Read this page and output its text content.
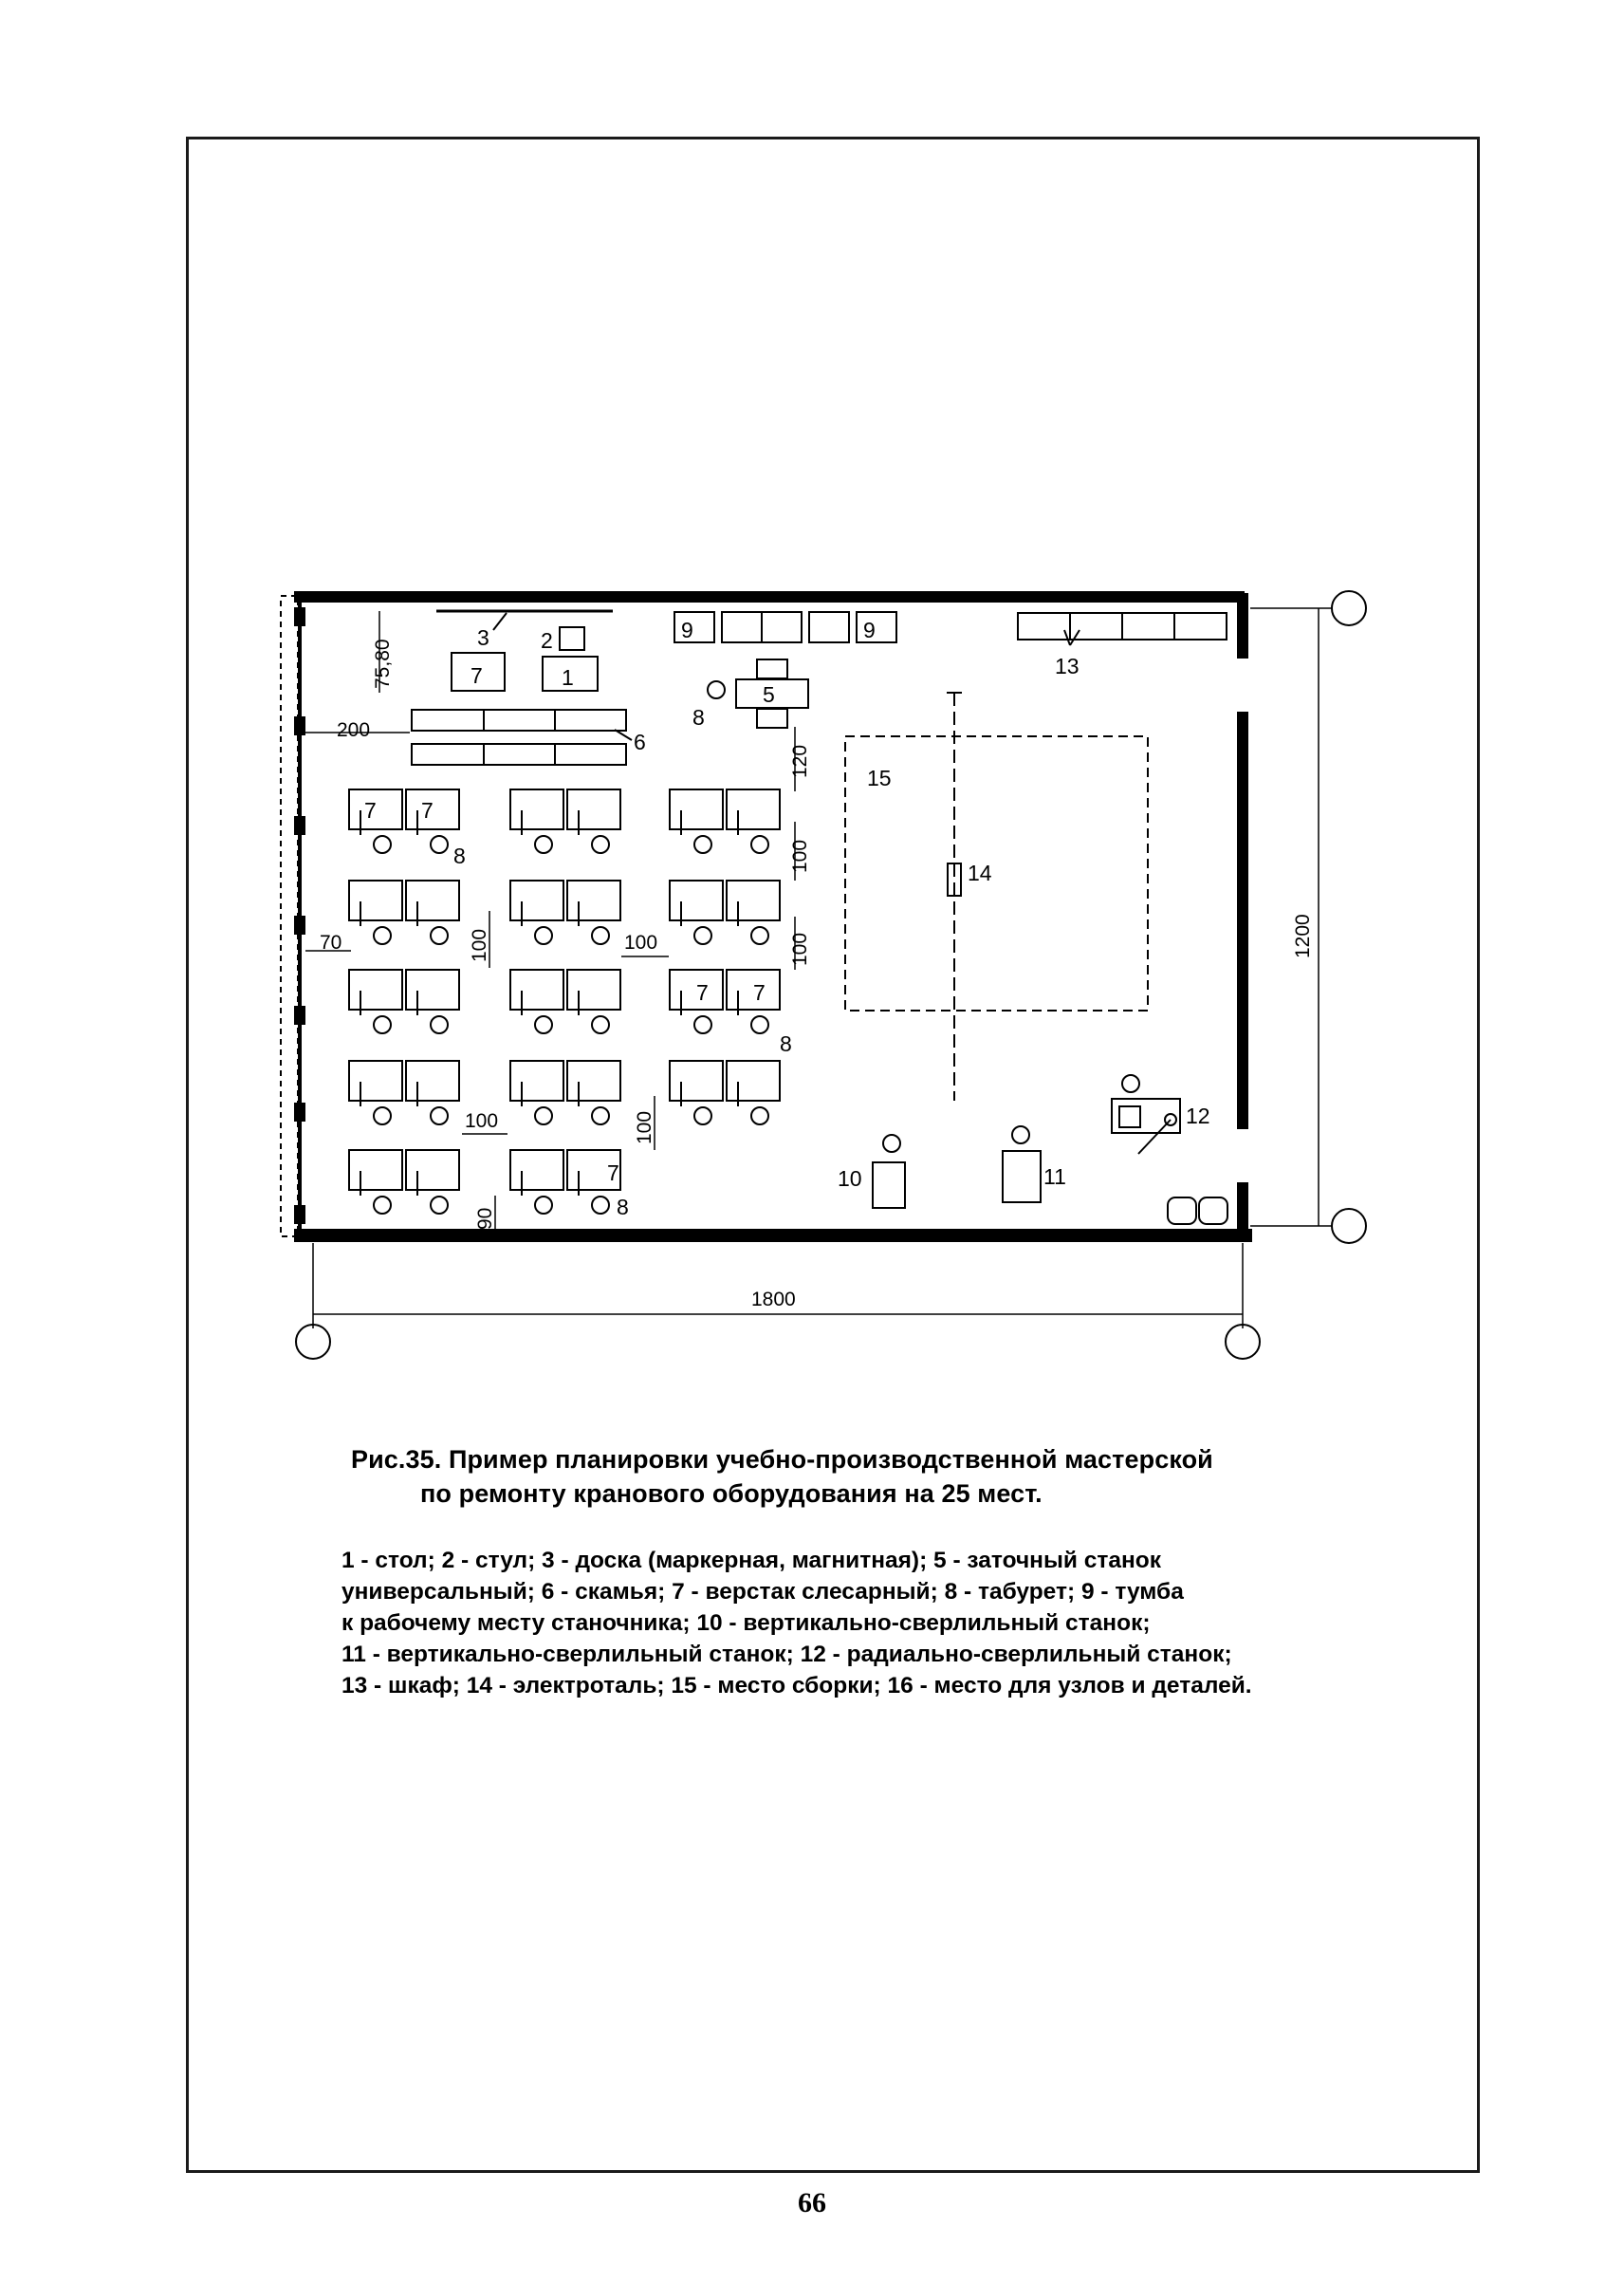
7 7
7 7
7
3 2
1
7
9	9
13
5
8
6
15
14
8
8
8
10	11
12
200
70	100
100
1800
75,80
120
100
100
100
100
90
1200
Рис.35. Пример планировки учебно-производственной мастерской
по ремонту кранового оборудования на 25 мест.
1 - стол; 2 - стул; 3 - доска (маркерная, магнитная); 5 - заточный станок
универсальный; 6 - скамья; 7 - верстак слесарный; 8 - табурет; 9 - тумба
к рабочему месту станочника; 10 - вертикально-сверлильный станок;
11 - вертикально-сверлильный станок; 12 - радиально-сверлильный станок;
13 - шкаф; 14 - электроталь; 15 - место сборки; 16 - место для узлов и деталей.
66
